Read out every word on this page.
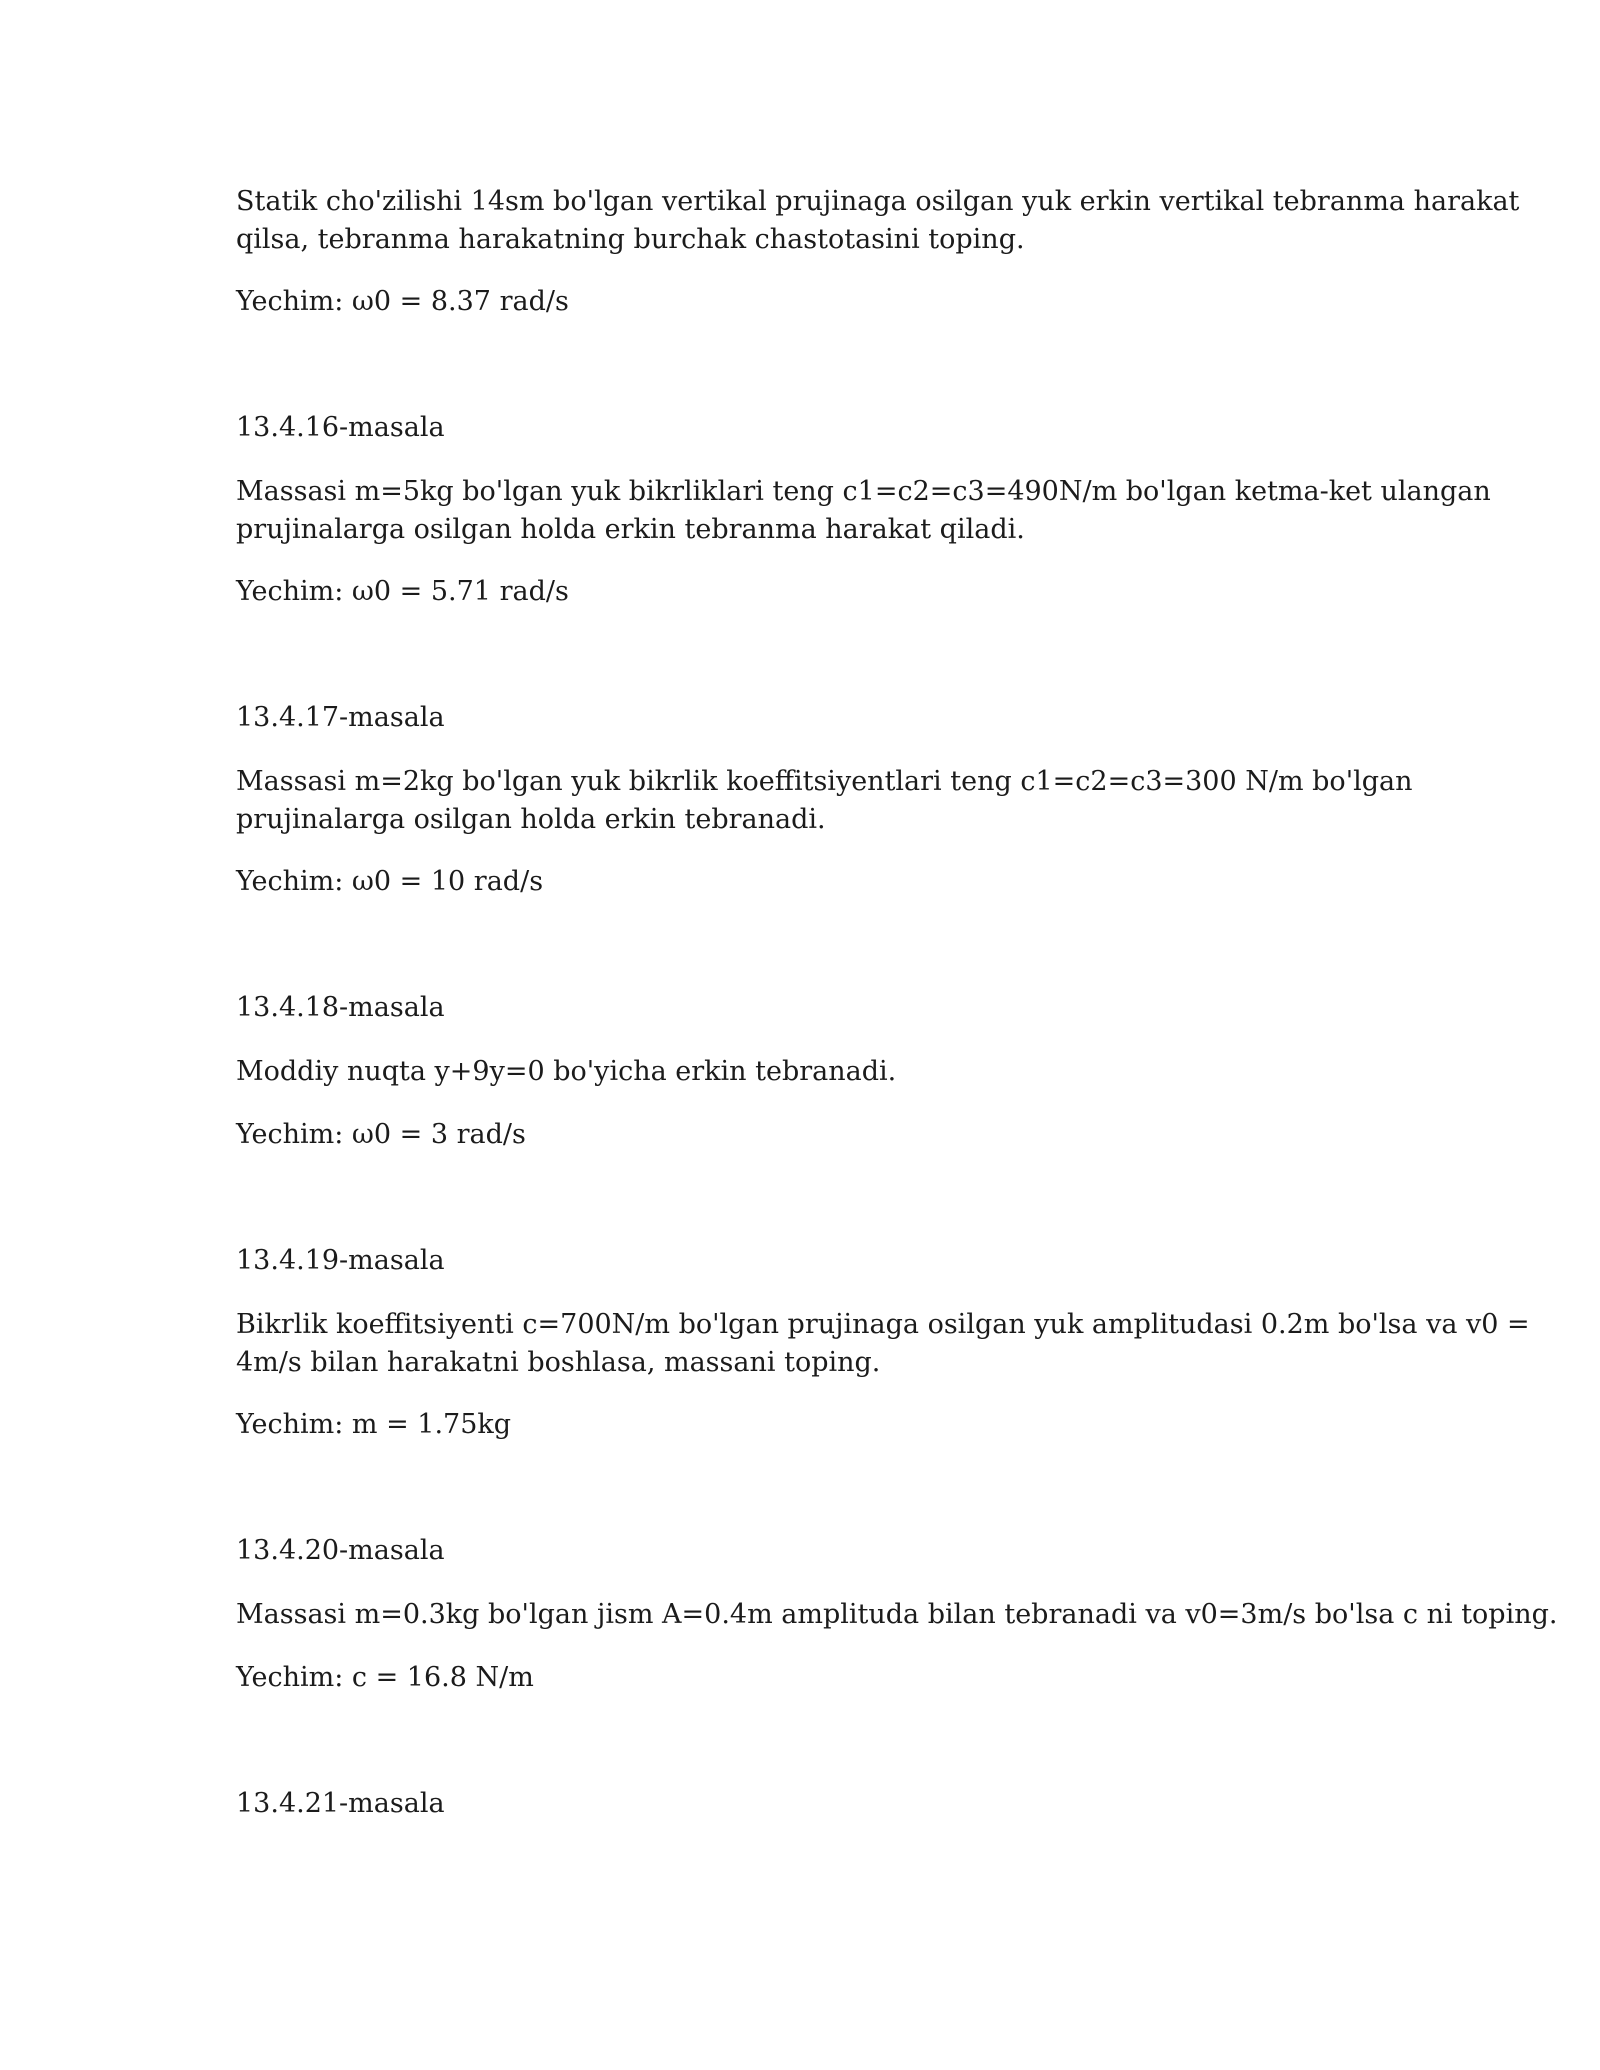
Statik cho'zilishi 14sm bo'lgan vertikal prujinaga osilgan yuk erkin vertikal tebranma harakat
qilsa, tebranma harakatning burchak chastotasini toping.
Yechim: ω0 = 8.37 rad/s
13.4.16-masala
Massasi m=5kg bo'lgan yuk bikrliklari teng c1=c2=c3=490N/m bo'lgan ketma-ket ulangan
prujinalarga osilgan holda erkin tebranma harakat qiladi.
Yechim: ω0 = 5.71 rad/s
13.4.17-masala
Massasi m=2kg bo'lgan yuk bikrlik koeffitsiyentlari teng c1=c2=c3=300 N/m bo'lgan
prujinalarga osilgan holda erkin tebranadi.
Yechim: ω0 = 10 rad/s
13.4.18-masala
Moddiy nuqta y+9y=0 bo'yicha erkin tebranadi.
Yechim: ω0 = 3 rad/s
13.4.19-masala
Bikrlik koeffitsiyenti c=700N/m bo'lgan prujinaga osilgan yuk amplitudasi 0.2m bo'lsa va v0 =
4m/s bilan harakatni boshlasa, massani toping.
Yechim: m = 1.75kg
13.4.20-masala
Massasi m=0.3kg bo'lgan jism A=0.4m amplituda bilan tebranadi va v0=3m/s bo'lsa c ni toping.
Yechim: c = 16.8 N/m
13.4.21-masala
